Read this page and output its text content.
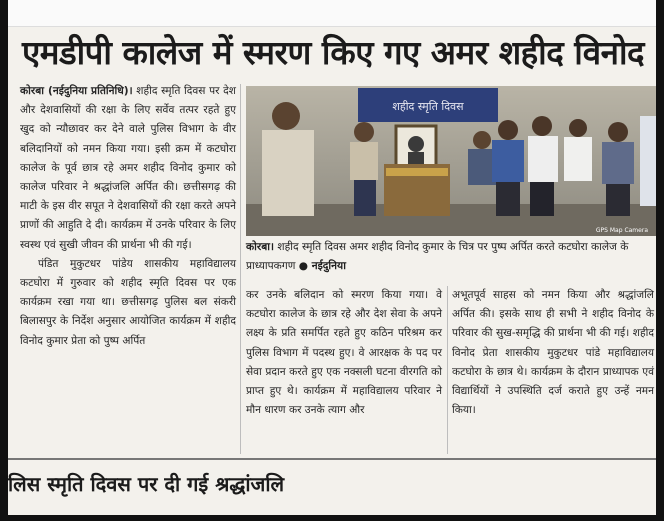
एमडीपी कालेज में स्मरण किए गए अमर शहीद विनोद

कोरबा (नईदुनिया प्रतिनिधि)। शहीद स्मृति दिवस पर देश और देशवासियों की रक्षा के लिए सर्वेव तत्पर रहते हुए खुद को न्यौछावर कर देने वाले पुलिस विभाग के वीर बलिदानियों को नमन किया गया। इसी क्रम में कटघोरा कालेज के पूर्व छात्र रहे अमर शहीद विनोद कुमार को कालेज परिवार ने श्रद्धांजलि अर्पित की। छत्तीसगढ़ की माटी के इस वीर सपूत ने देशवासियों की रक्षा करते अपने प्राणों की आहुति दे दी। कार्यक्रम में उनके परिवार के लिए स्वस्थ एवं सुखी जीवन की प्रार्थना भी की गई।

पंडित मुकुटधर पांडेय शासकीय महाविद्यालय कटघोरा में गुरुवार को शहीद स्मृति दिवस पर एक कार्यक्रम रखा गया था। छत्तीसगढ़ पुलिस बल संकरी बिलासपुर के निर्देश अनुसार आयोजित कार्यक्रम में शहीद विनोद कुमार प्रेता को पुष्प अर्पित

शहीद स्मृति दिवस
GPS Map Camera
कोरबा। शहीद स्मृति दिवस अमर शहीद विनोद कुमार के चित्र पर पुष्प अर्पित करते कटघोरा कालेज के प्राध्यापकगण ● नईदुनिया

कर उनके बलिदान को स्मरण किया गया। वे कटघोरा कालेज के छात्र रहे और देश सेवा के अपने लक्ष्य के प्रति समर्पित रहते हुए कठिन परिश्रम कर पुलिस विभाग में पदस्थ हुए। वे आरक्षक के पद पर सेवा प्रदान करते हुए एक नक्सली घटना वीरगति को प्राप्त हुए थे। कार्यक्रम में महाविद्यालय परिवार ने मौन धारण कर उनके त्याग और

अभूतपूर्व साहस को नमन किया और श्रद्धांजलि अर्पित की। इसके साथ ही सभी ने शहीद विनोद के परिवार की सुख-समृद्धि की प्रार्थना भी की गई। शहीद विनोद प्रेता शासकीय मुकुटधर पांडे महाविद्यालय कटघोरा के छात्र थे। कार्यक्रम के दौरान प्राध्यापक एवं विद्यार्थियों ने उपस्थिति दर्ज कराते हुए उन्हें नमन किया।

लिस स्मृति दिवस पर दी गई श्रद्धांजलि
